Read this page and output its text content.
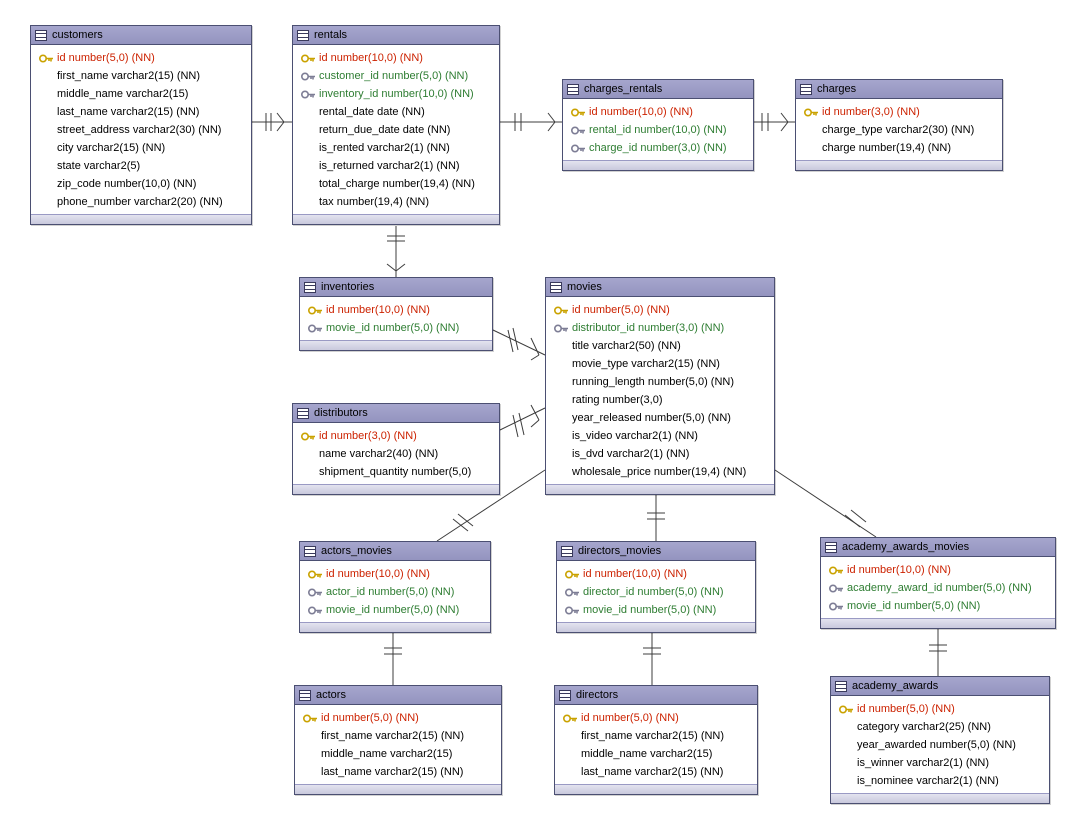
customers
id number(5,0) (NN)
first_name varchar2(15) (NN)
middle_name varchar2(15)
last_name varchar2(15) (NN)
street_address varchar2(30) (NN)
city varchar2(15) (NN)
state varchar2(5)
zip_code number(10,0) (NN)
phone_number varchar2(20) (NN)
rentals
id number(10,0) (NN)
customer_id number(5,0) (NN)
inventory_id number(10,0) (NN)
rental_date date (NN)
return_due_date date (NN)
is_rented varchar2(1) (NN)
is_returned varchar2(1) (NN)
total_charge number(19,4) (NN)
tax number(19,4) (NN)
charges_rentals
id number(10,0) (NN)
rental_id number(10,0) (NN)
charge_id number(3,0) (NN)
charges
id number(3,0) (NN)
charge_type varchar2(30) (NN)
charge number(19,4) (NN)
inventories
id number(10,0) (NN)
movie_id number(5,0) (NN)
movies
id number(5,0) (NN)
distributor_id number(3,0) (NN)
title varchar2(50) (NN)
movie_type varchar2(15) (NN)
running_length number(5,0) (NN)
rating number(3,0)
year_released number(5,0) (NN)
is_video varchar2(1) (NN)
is_dvd varchar2(1) (NN)
wholesale_price number(19,4) (NN)
distributors
id number(3,0) (NN)
name varchar2(40) (NN)
shipment_quantity number(5,0)
actors_movies
id number(10,0) (NN)
actor_id number(5,0) (NN)
movie_id number(5,0) (NN)
directors_movies
id number(10,0) (NN)
director_id number(5,0) (NN)
movie_id number(5,0) (NN)
academy_awards_movies
id number(10,0) (NN)
academy_award_id number(5,0) (NN)
movie_id number(5,0) (NN)
actors
id number(5,0) (NN)
first_name varchar2(15) (NN)
middle_name varchar2(15)
last_name varchar2(15) (NN)
directors
id number(5,0) (NN)
first_name varchar2(15) (NN)
middle_name varchar2(15)
last_name varchar2(15) (NN)
academy_awards
id number(5,0) (NN)
category varchar2(25) (NN)
year_awarded number(5,0) (NN)
is_winner varchar2(1) (NN)
is_nominee varchar2(1) (NN)
